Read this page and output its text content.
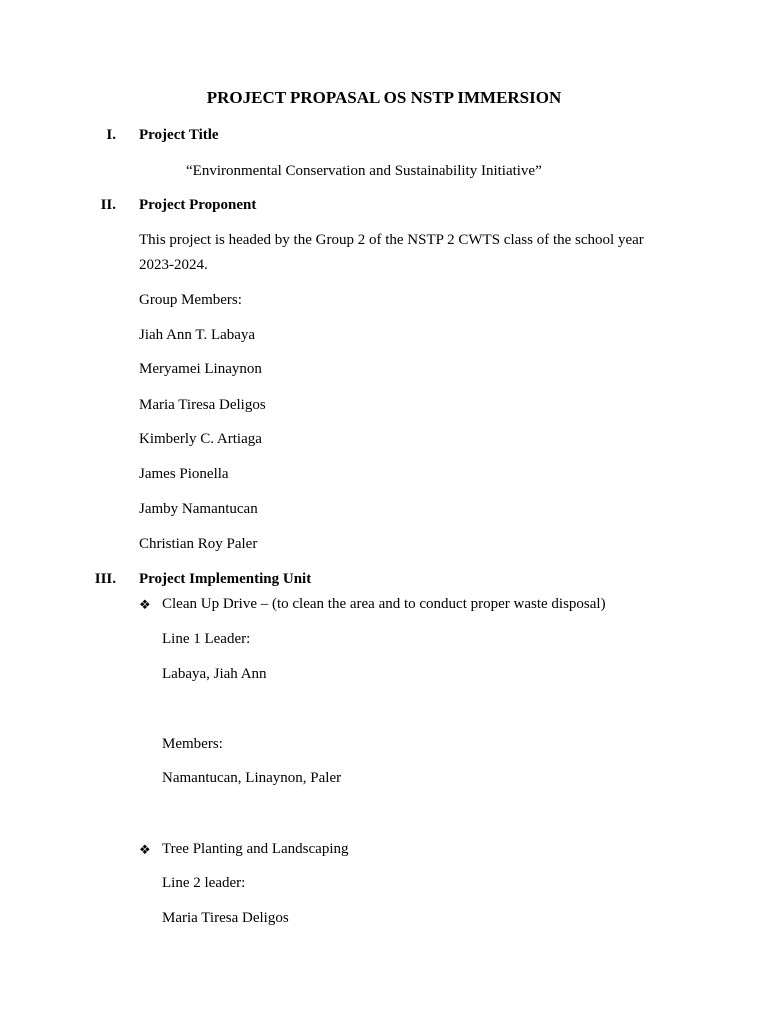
PROJECT PROPASAL OS NSTP IMMERSION
I. Project Title
“Environmental Conservation and Sustainability Initiative”
II. Project Proponent
This project is headed by the Group 2 of the NSTP 2 CWTS class of the school year
2023-2024.
Group Members:
Jiah Ann T. Labaya
Meryamei Linaynon
Maria Tiresa Deligos
Kimberly C. Artiaga
James Pionella
Jamby Namantucan
Christian Roy Paler
III. Project Implementing Unit
❖ Clean Up Drive – (to clean the area and to conduct proper waste disposal)
Line 1 Leader:
Labaya, Jiah Ann
Members:
Namantucan, Linaynon, Paler
❖ Tree Planting and Landscaping
Line 2 leader:
Maria Tiresa Deligos
